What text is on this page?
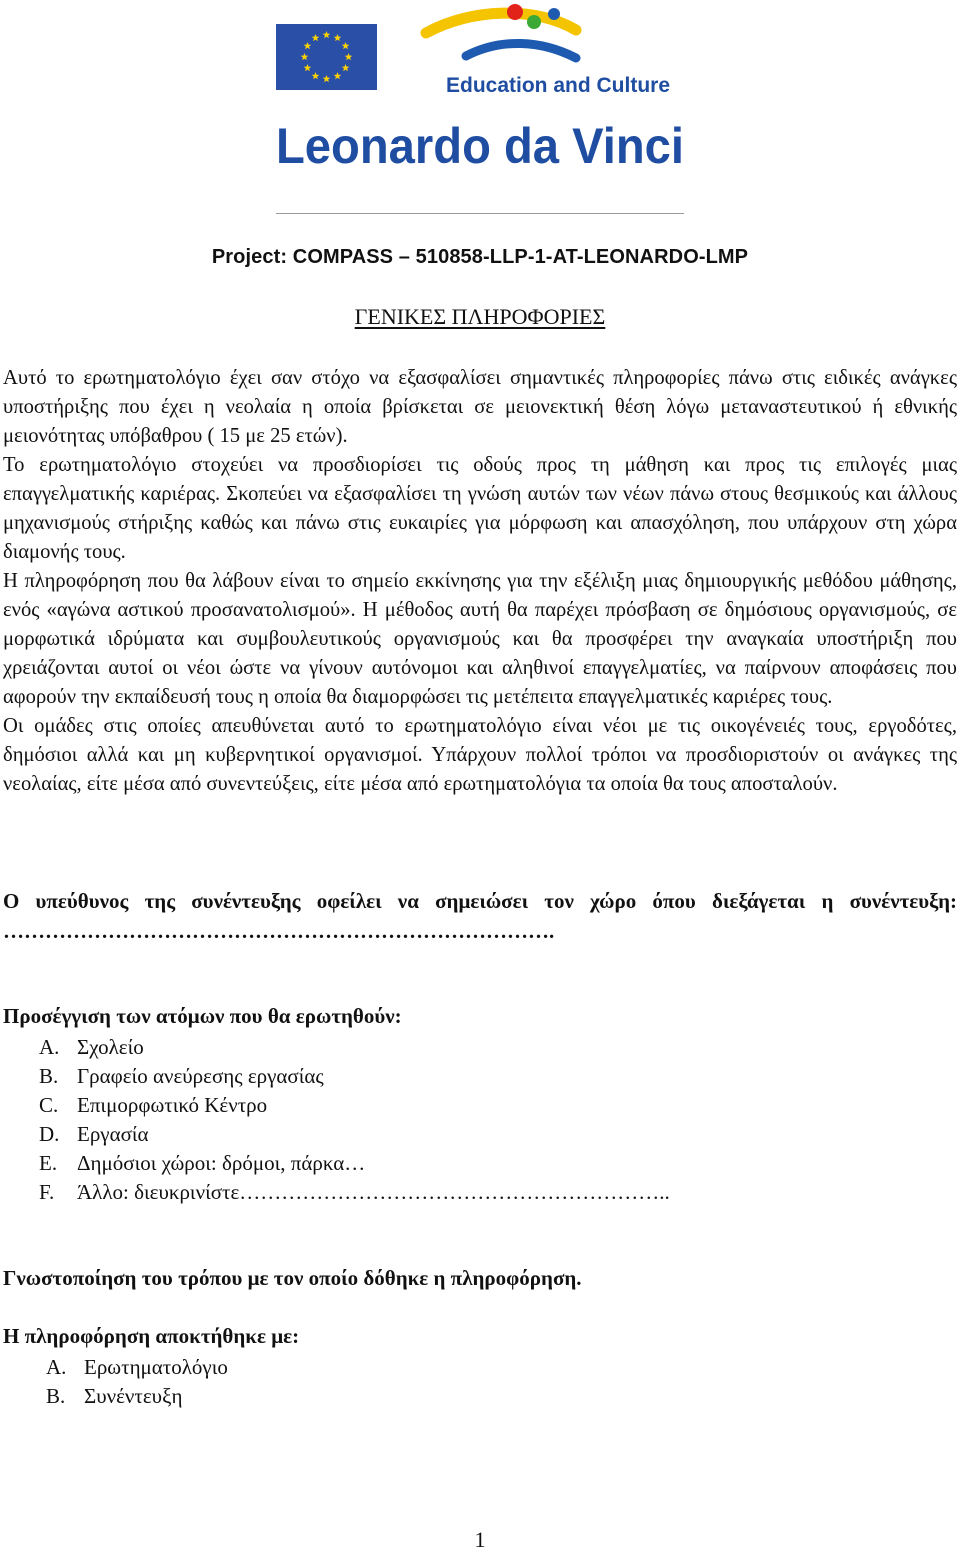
Education and Culture
Leonardo da Vinci
Project: COMPASS – 510858-LLP-1-AT-LEONARDO-LMP
ΓΕΝΙΚΕΣ ΠΛΗΡΟΦΟΡΙΕΣ

Αυτό το ερωτηματολόγιο έχει σαν στόχο να εξασφαλίσει σημαντικές πληροφορίες πάνω στις ειδικές ανάγκες υποστήριξης που έχει η νεολαία η οποία βρίσκεται σε μειονεκτική θέση λόγω μεταναστευτικού ή εθνικής μειονότητας υπόβαθρου ( 15 με 25 ετών).

Το ερωτηματολόγιο στοχεύει να προσδιορίσει τις οδούς προς τη μάθηση και προς τις επιλογές μιας επαγγελματικής καριέρας. Σκοπεύει να εξασφαλίσει τη γνώση αυτών των νέων πάνω στους θεσμικούς και άλλους μηχανισμούς στήριξης καθώς και πάνω στις ευκαιρίες για μόρφωση και απασχόληση, που υπάρχουν στη χώρα διαμονής τους.

Η πληροφόρηση που θα λάβουν είναι το σημείο εκκίνησης για την εξέλιξη μιας δημιουργικής μεθόδου μάθησης, ενός «αγώνα αστικού προσανατολισμού». Η μέθοδος αυτή θα παρέχει πρόσβαση σε δημόσιους οργανισμούς, σε μορφωτικά ιδρύματα και συμβουλευτικούς οργανισμούς και θα προσφέρει την αναγκαία υποστήριξη που χρειάζονται αυτοί οι νέοι ώστε να γίνουν αυτόνομοι και αληθινοί επαγγελματίες, να παίρνουν αποφάσεις που αφορούν την εκπαίδευσή τους η οποία θα διαμορφώσει τις μετέπειτα επαγγελματικές καριέρες τους.

Οι ομάδες στις οποίες απευθύνεται αυτό το ερωτηματολόγιο είναι νέοι με τις οικογένειές τους, εργοδότες, δημόσιοι αλλά και μη κυβερνητικοί οργανισμοί. Υπάρχουν πολλοί τρόποι να προσδιοριστούν οι ανάγκες της νεολαίας, είτε μέσα από συνεντεύξεις, είτε μέσα από ερωτηματολόγια τα οποία θα τους αποσταλούν.

Ο υπεύθυνος της συνέντευξης οφείλει να σημειώσει τον χώρο όπου διεξάγεται η συνέντευξη: …………………………………………………………………….
Προσέγγιση των ατόμων που θα ερωτηθούν:
A. Σχολείο
B. Γραφείο ανεύρεσης εργασίας
C. Επιμορφωτικό Κέντρο
D. Εργασία
E. Δημόσιοι χώροι: δρόμοι, πάρκα…
F.	Άλλο: διευκρινίστε……………………………………………………..
Γνωστοποίηση του τρόπου με τον οποίο δόθηκε η πληροφόρηση.
Η πληροφόρηση αποκτήθηκε με:
A. Ερωτηματολόγιο
B. Συνέντευξη
1
